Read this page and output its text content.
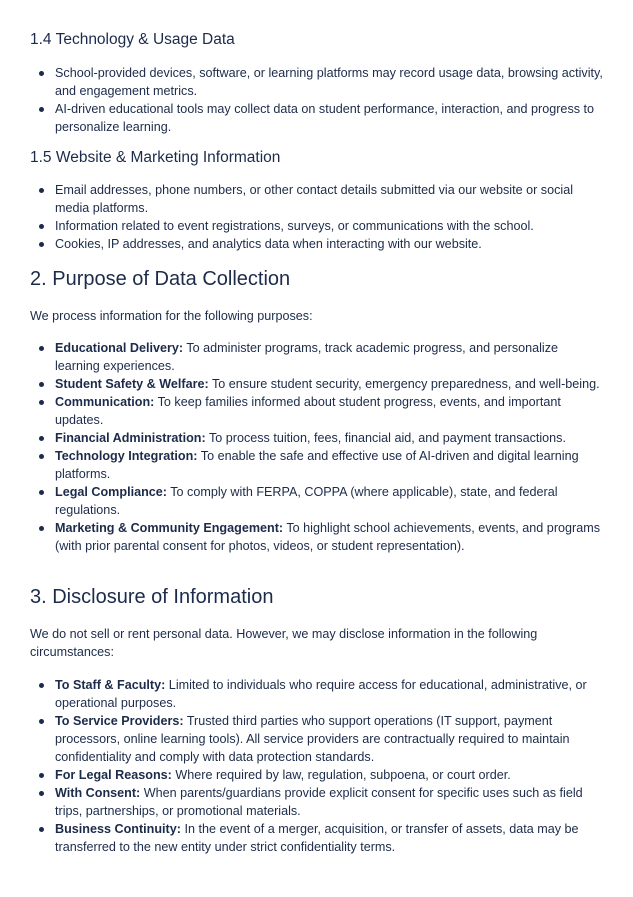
1.4 Technology & Usage Data
School-provided devices, software, or learning platforms may record usage data, browsing activity, and engagement metrics.
AI-driven educational tools may collect data on student performance, interaction, and progress to personalize learning.
1.5 Website & Marketing Information
Email addresses, phone numbers, or other contact details submitted via our website or social media platforms.
Information related to event registrations, surveys, or communications with the school.
Cookies, IP addresses, and analytics data when interacting with our website.
2. Purpose of Data Collection

We process information for the following purposes:

Educational Delivery: To administer programs, track academic progress, and personalize learning experiences.
Student Safety & Welfare: To ensure student security, emergency preparedness, and well-being.
Communication: To keep families informed about student progress, events, and important updates.
Financial Administration: To process tuition, fees, financial aid, and payment transactions.
Technology Integration: To enable the safe and effective use of AI-driven and digital learning platforms.
Legal Compliance: To comply with FERPA, COPPA (where applicable), state, and federal regulations.
Marketing & Community Engagement: To highlight school achievements, events, and programs (with prior parental consent for photos, videos, or student representation).
3. Disclosure of Information

We do not sell or rent personal data. However, we may disclose information in the following circumstances:

To Staff & Faculty: Limited to individuals who require access for educational, administrative, or operational purposes.
To Service Providers: Trusted third parties who support operations (IT support, payment processors, online learning tools). All service providers are contractually required to maintain confidentiality and comply with data protection standards.
For Legal Reasons: Where required by law, regulation, subpoena, or court order.
With Consent: When parents/guardians provide explicit consent for specific uses such as field trips, partnerships, or promotional materials.
Business Continuity: In the event of a merger, acquisition, or transfer of assets, data may be transferred to the new entity under strict confidentiality terms.
